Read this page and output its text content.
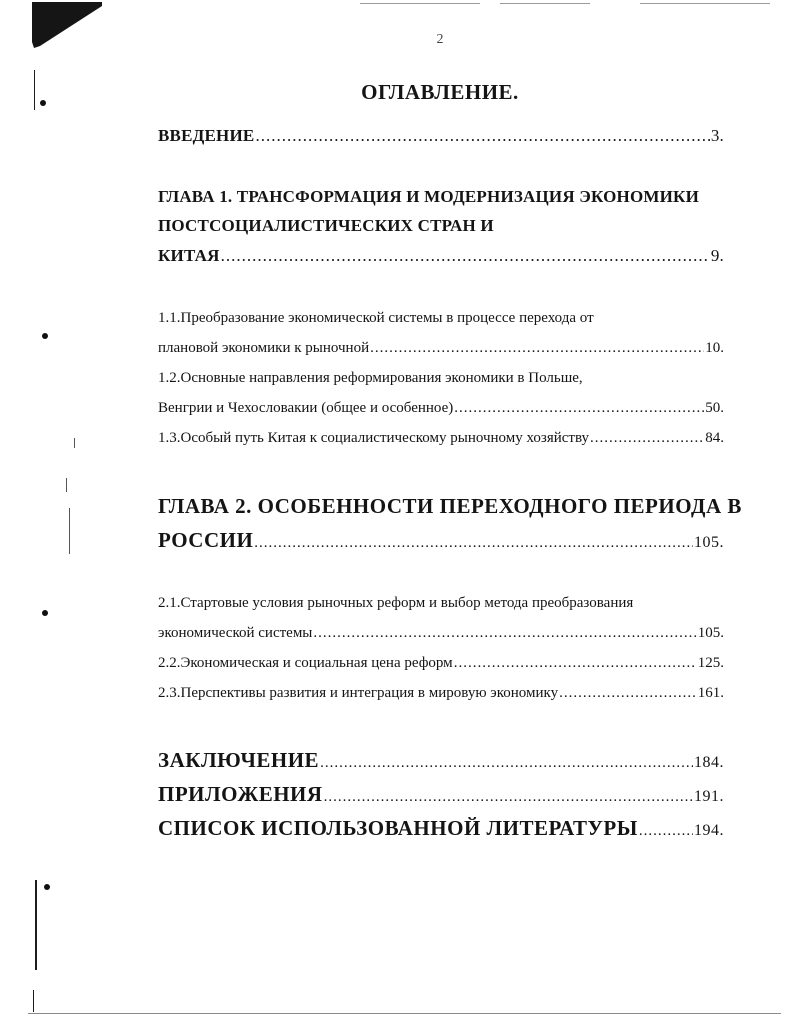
2
ОГЛАВЛЕНИЕ.
ВВЕДЕНИЕ .....	3.
ГЛАВА 1. ТРАНСФОРМАЦИЯ И МОДЕРНИЗАЦИЯ ЭКОНОМИКИ
ПОСТСОЦИАЛИСТИЧЕСКИХ СТРАН И
КИТАЯ .....	9.
1.1.Преобразование экономической системы в процессе перехода от
плановой экономики к рыночной .....	10.
1.2.Основные направления реформирования экономики в Польше,
Венгрии и Чехословакии (общее и особенное) .....	50.
1.3.Особый путь Китая к социалистическому рыночному хозяйству .....	84.
ГЛАВА 2. ОСОБЕННОСТИ ПЕРЕХОДНОГО ПЕРИОДА В
РОССИИ .....	105.
2.1.Стартовые условия рыночных реформ и выбор метода преобразования
экономической системы .....	105.
2.2.Экономическая и социальная цена реформ .....	125.
2.3.Перспективы развития и интеграция в мировую экономику .....	161.
ЗАКЛЮЧЕНИЕ .....	184.
ПРИЛОЖЕНИЯ .....	191.
СПИСОК ИСПОЛЬЗОВАННОЙ ЛИТЕРАТУРЫ .....	194.
